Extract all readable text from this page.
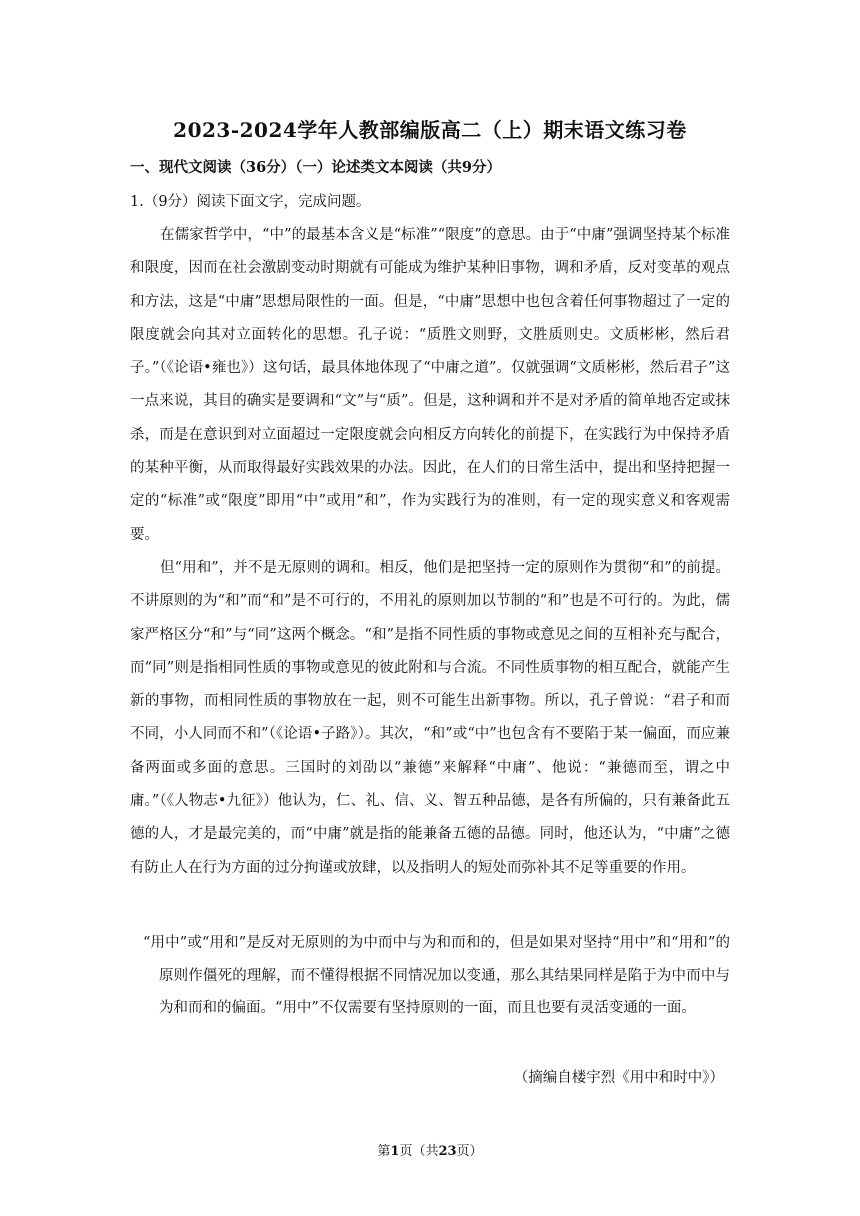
2023-2024学年人教部编版高二（上）期末语文练习卷
一、现代文阅读（36分）（一）论述类文本阅读（共9分）
1.（9分）阅读下面文字，完成问题。

在儒家哲学中，“中”的最基本含义是“标准”“限度”的意思。由于“中庸”强调坚持某个标准和限度，因而在社会激剧变动时期就有可能成为维护某种旧事物，调和矛盾，反对变革的观点和方法，这是“中庸”思想局限性的一面。但是，“中庸”思想中也包含着任何事物超过了一定的限度就会向其对立面转化的思想。孔子说：“质胜文则野，文胜质则史。文质彬彬，然后君子。”（《论语•雍也》）这句话，最具体地体现了“中庸之道”。仅就强调“文质彬彬，然后君子”这一点来说，其目的确实是要调和“文”与“质”。但是，这种调和并不是对矛盾的简单地否定或抹杀，而是在意识到对立面超过一定限度就会向相反方向转化的前提下，在实践行为中保持矛盾的某种平衡，从而取得最好实践效果的办法。因此，在人们的日常生活中，提出和坚持把握一定的“标准”或“限度”即用“中”或用“和”，作为实践行为的准则，有一定的现实意义和客观需要。

但“用和”，并不是无原则的调和。相反，他们是把坚持一定的原则作为贯彻“和”的前提。不讲原则的为“和”而“和”是不可行的，不用礼的原则加以节制的“和”也是不可行的。为此，儒家严格区分“和”与“同”这两个概念。“和”是指不同性质的事物或意见之间的互相补充与配合，而“同”则是指相同性质的事物或意见的彼此附和与合流。不同性质事物的相互配合，就能产生新的事物，而相同性质的事物放在一起，则不可能生出新事物。所以，孔子曾说：“君子和而不同，小人同而不和”（《论语•子路》）。其次，“和”或“中”也包含有不要陷于某一偏面，而应兼备两面或多面的意思。三国时的刘劭以“兼德”来解释“中庸”、他说：“兼德而至，谓之中庸。”（《人物志•九征》）他认为，仁、礼、信、义、智五种品德，是各有所偏的，只有兼备此五德的人，才是最完美的，而“中庸”就是指的能兼备五德的品德。同时，他还认为，“中庸”之德有防止人在行为方面的过分拘谨或放肆，以及指明人的短处而弥补其不足等重要的作用。

“用中”或“用和”是反对无原则的为中而中与为和而和的，但是如果对坚持“用中”和“用和”的原则作僵死的理解，而不懂得根据不同情况加以变通，那么其结果同样是陷于为中而中与为和而和的偏面。“用中”不仅需要有坚持原则的一面，而且也要有灵活变通的一面。

（摘编自楼宇烈《用中和时中》）
第1页（共23页）
